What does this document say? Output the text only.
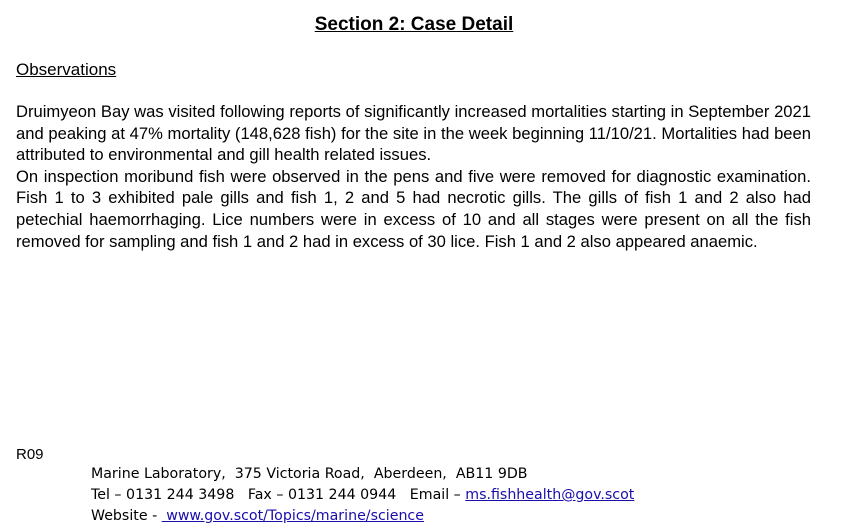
Section 2: Case Detail
Observations

Druimyeon Bay was visited following reports of significantly increased mortalities starting in September 2021 and peaking at 47% mortality (148,628 fish) for the site in the week beginning 11/10/21. Mortalities had been attributed to environmental and gill health related issues.

On inspection moribund fish were observed in the pens and five were removed for diagnostic examination. Fish 1 to 3 exhibited pale gills and fish 1, 2 and 5 had necrotic gills. The gills of fish 1 and 2 also had petechial haemorrhaging. Lice numbers were in excess of 10 and all stages were present on all the fish removed for sampling and fish 1 and 2 had in excess of 30 lice. Fish 1 and 2 also appeared anaemic.

R09
Marine Laboratory,  375 Victoria Road,  Aberdeen,  AB11 9DB
Tel – 0131 244 3498   Fax – 0131 244 0944   Email – ms.fishhealth@gov.scot
Website -  www.gov.scot/Topics/marine/science
